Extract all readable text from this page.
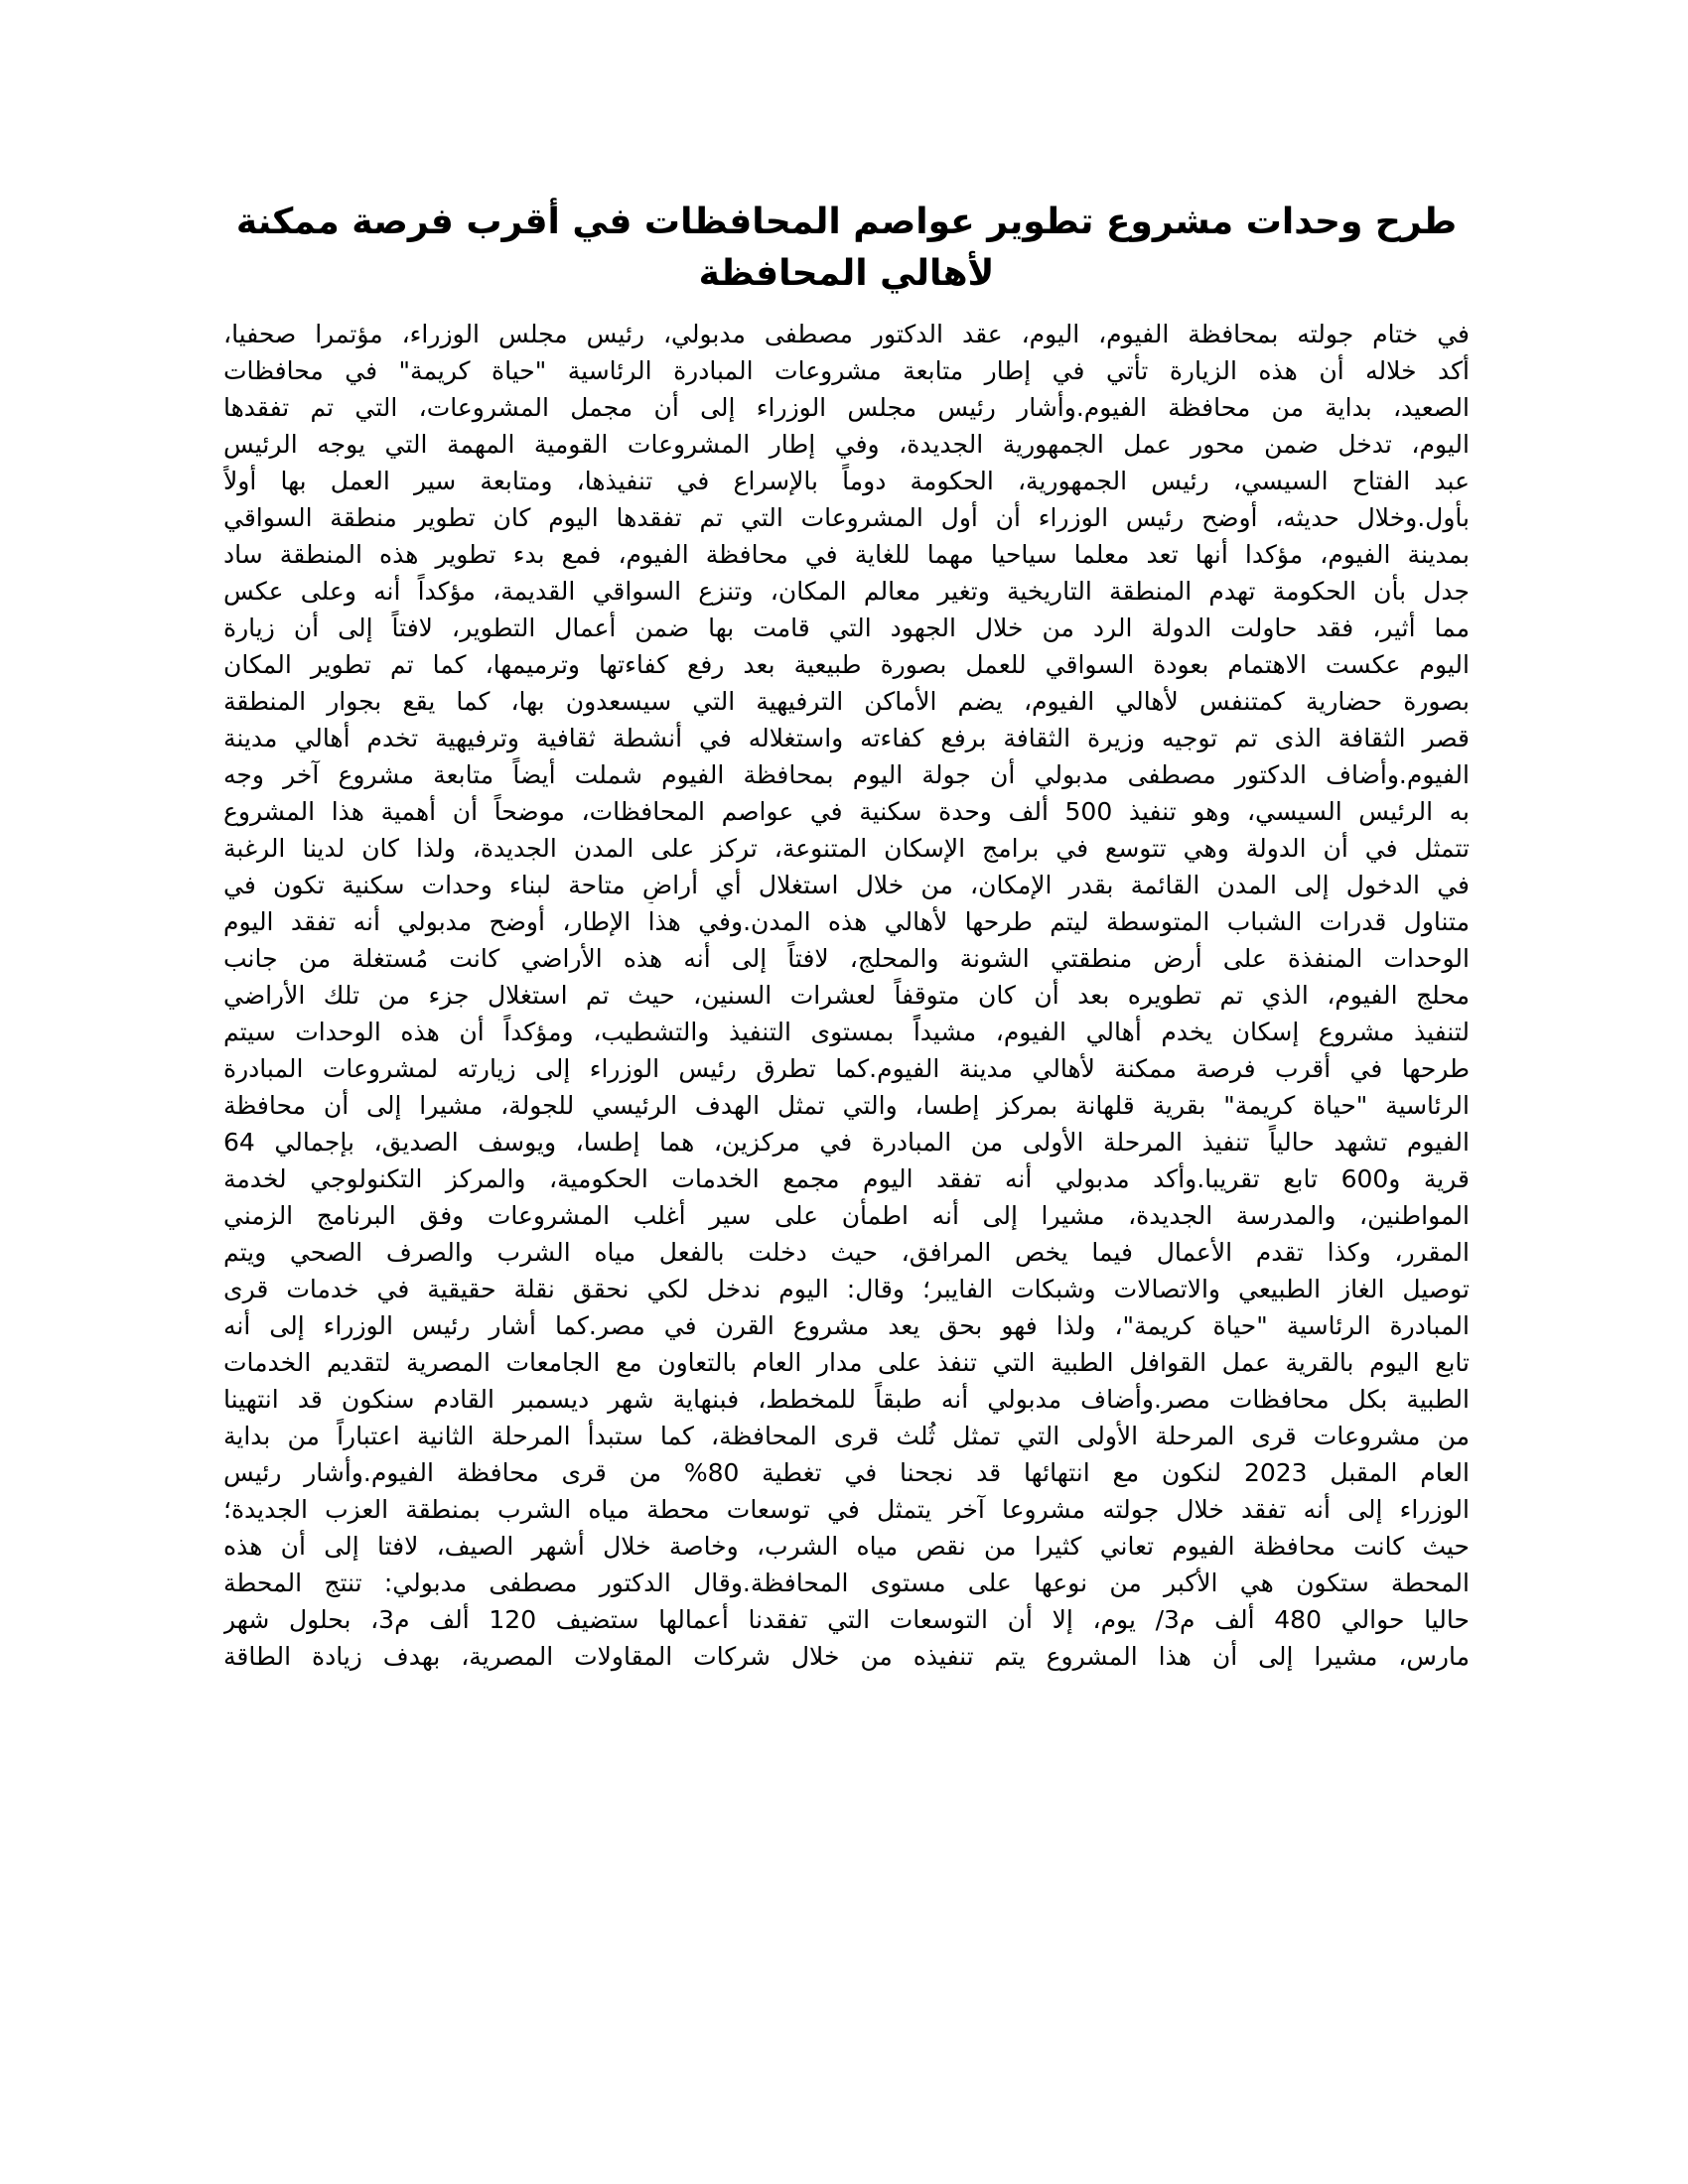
طرح وحدات مشروع تطوير عواصم المحافظات في أقرب فرصة ممكنة لأهالي المحافظة
في ختام جولته بمحافظة الفيوم، اليوم، عقد الدكتور مصطفى مدبولي، رئيس مجلس الوزراء، مؤتمرا صحفيا،
أكد خلاله أن هذه الزيارة تأتي في إطار متابعة مشروعات المبادرة الرئاسية "حياة كريمة" في محافظات
الصعيد، بداية من محافظة الفيوم.وأشار رئيس مجلس الوزراء إلى أن مجمل المشروعات، التي تم تفقدها
اليوم، تدخل ضمن محور عمل الجمهورية الجديدة، وفي إطار المشروعات القومية المهمة التي يوجه الرئيس
عبد الفتاح السيسي، رئيس الجمهورية، الحكومة دوماً بالإسراع في تنفيذها، ومتابعة سير العمل بها أولاً
بأول.وخلال حديثه، أوضح رئيس الوزراء أن أول المشروعات التي تم تفقدها اليوم كان تطوير منطقة السواقي
بمدينة الفيوم، مؤكدا أنها تعد معلما سياحيا مهما للغاية في محافظة الفيوم، فمع بدء تطوير هذه المنطقة ساد
جدل بأن الحكومة تهدم المنطقة التاريخية وتغير معالم المكان، وتنزع السواقي القديمة، مؤكداً أنه وعلى عكس
مما أثير، فقد حاولت الدولة الرد من خلال الجهود التي قامت بها ضمن أعمال التطوير، لافتاً إلى أن زيارة
اليوم عكست الاهتمام بعودة السواقي للعمل بصورة طبيعية بعد رفع كفاءتها وترميمها، كما تم تطوير المكان
بصورة حضارية كمتنفس لأهالي الفيوم، يضم الأماكن الترفيهية التي سيسعدون بها، كما يقع بجوار المنطقة
قصر الثقافة الذى تم توجيه وزيرة الثقافة برفع كفاءته واستغلاله في أنشطة ثقافية وترفيهية تخدم أهالي مدينة
الفيوم.وأضاف الدكتور مصطفى مدبولي أن جولة اليوم بمحافظة الفيوم شملت أيضاً متابعة مشروع آخر وجه
به الرئيس السيسي، وهو تنفيذ 500 ألف وحدة سكنية في عواصم المحافظات، موضحاً أن أهمية هذا المشروع
تتمثل في أن الدولة وهي تتوسع في برامج الإسكان المتنوعة، تركز على المدن الجديدة، ولذا كان لدينا الرغبة
في الدخول إلى المدن القائمة بقدر الإمكان، من خلال استغلال أي أراضٍ متاحة لبناء وحدات سكنية تكون في
متناول قدرات الشباب المتوسطة ليتم طرحها لأهالي هذه المدن.وفي هذا الإطار، أوضح مدبولي أنه تفقد اليوم
الوحدات المنفذة على أرض منطقتي الشونة والمحلج، لافتاً إلى أنه هذه الأراضي كانت مُستغلة من جانب
محلج الفيوم، الذي تم تطويره بعد أن كان متوقفاً لعشرات السنين، حيث تم استغلال جزء من تلك الأراضي
لتنفيذ مشروع إسكان يخدم أهالي الفيوم، مشيداًً بمستوى التنفيذ والتشطيب، ومؤكداً أن هذه الوحدات سيتم
طرحها في أقرب فرصة ممكنة لأهالي مدينة الفيوم.كما تطرق رئيس الوزراء إلى زيارته لمشروعات المبادرة
الرئاسية "حياة كريمة" بقرية قلهانة بمركز إطسا، والتي تمثل الهدف الرئيسي للجولة، مشيرا إلى أن محافظة
الفيوم تشهد حالياً تنفيذ المرحلة الأولى من المبادرة في مركزين، هما إطسا، ويوسف الصديق، بإجمالي 64
قرية و600 تابع تقريبا.وأكد مدبولي أنه تفقد اليوم مجمع الخدمات الحكومية، والمركز التكنولوجي لخدمة
المواطنين، والمدرسة الجديدة، مشيرا إلى أنه اطمأن على سير أغلب المشروعات وفق البرنامج الزمني
المقرر، وكذا تقدم الأعمال فيما يخص المرافق، حيث دخلت بالفعل مياه الشرب والصرف الصحي ويتم
توصيل الغاز الطبيعي والاتصالات وشبكات الفايبر؛ وقال: اليوم ندخل لكي نحقق نقلة حقيقية في خدمات قرى
المبادرة الرئاسية "حياة كريمة"، ولذا فهو بحق يعد مشروع القرن في مصر.كما أشار رئيس الوزراء إلى أنه
تابع اليوم بالقرية عمل القوافل الطبية التي تنفذ على مدار العام بالتعاون مع الجامعات المصرية لتقديم الخدمات
الطبية بكل محافظات مصر.وأضاف مدبولي أنه طبقاً للمخطط، فبنهاية شهر ديسمبر القادم سنكون قد انتهينا
من مشروعات قرى المرحلة الأولى التي تمثل ثُلث قرى المحافظة، كما ستبدأ المرحلة الثانية اعتباراً من بداية
العام المقبل 2023 لنكون مع انتهائها قد نجحنا في تغطية 80% من قرى محافظة الفيوم.وأشار رئيس
الوزراء إلى أنه تفقد خلال جولته مشروعا آخر يتمثل في توسعات محطة مياه الشرب بمنطقة العزب الجديدة؛
حيث كانت محافظة الفيوم تعاني كثيرا من نقص مياه الشرب، وخاصة خلال أشهر الصيف، لافتا إلى أن هذه
المحطة ستكون هي الأكبر من نوعها على مستوى المحافظة.وقال الدكتور مصطفى مدبولي: تنتج المحطة
حاليا حوالي 480 ألف م3/ يوم، إلا أن التوسعات التي تفقدنا أعمالها ستضيف 120 ألف م3، بحلول شهر
مارس، مشيرا إلى أن هذا المشروع يتم تنفيذه من خلال شركات المقاولات المصرية، بهدف زيادة الطاقة
